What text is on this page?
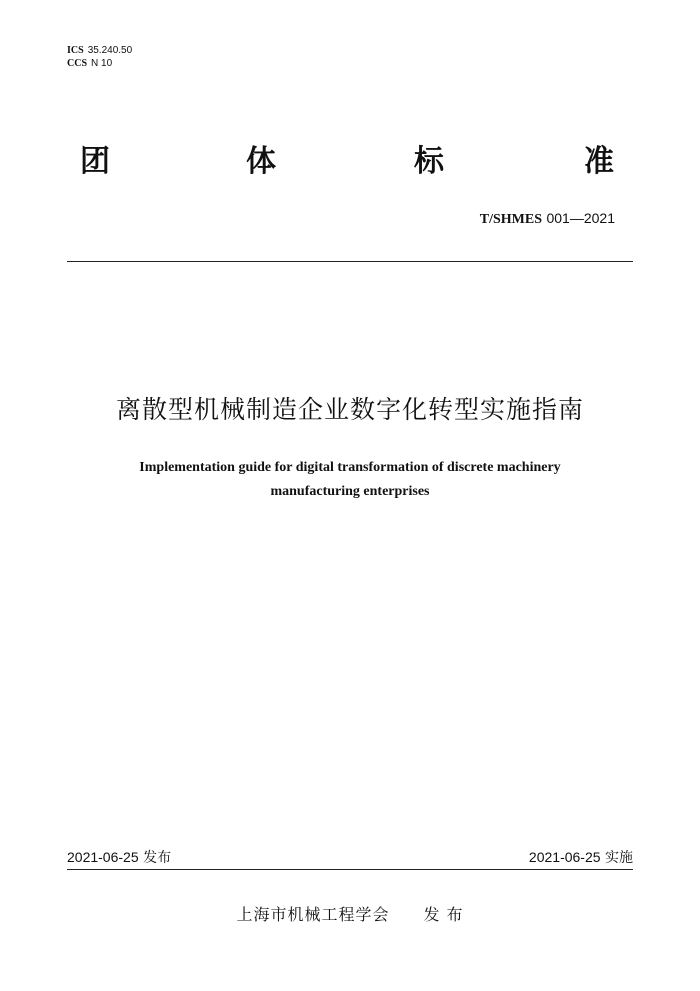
ICS 35.240.50
CCS N 10
团	体	标	准
T/SHMES 001—2021
离散型机械制造企业数字化转型实施指南
Implementation guide for digital transformation of discrete machinery
manufacturing enterprises
2021-06-25 发布	2021-06-25 实施
上海市机械工程学会 发 布
